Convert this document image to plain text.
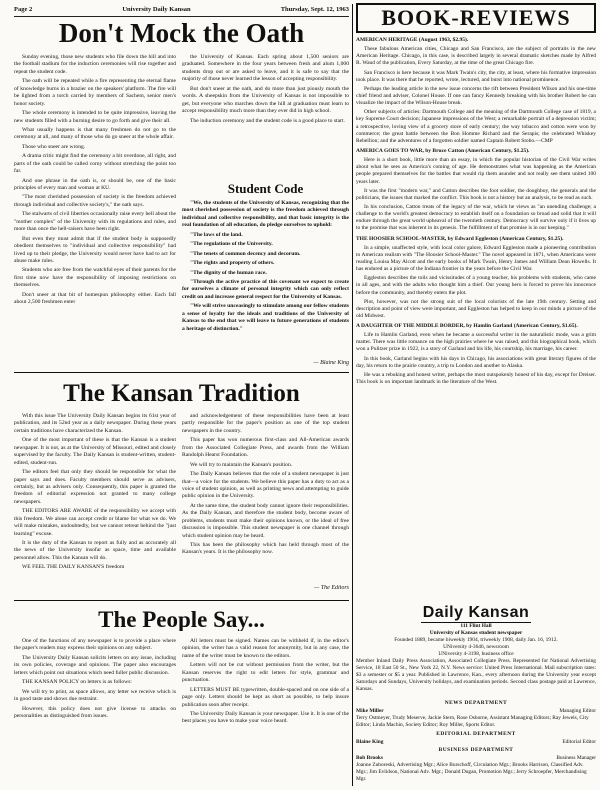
Page 2	University Daily Kansan	Thursday, Sept. 12, 1963
Don't Mock the Oath

Sunday evening, those new students who file down the hill and into the football stadium for the induction ceremonies will rise together and repeat the student code.

The oath will be repeated while a fire representing the eternal flame of knowledge burns in a brazier on the speakers' platform. The fire will be lighted from a torch carried by members of Sachem, senior men's honor society.

The whole ceremony is intended to be quite impressive, leaving the new students filled with a burning desire to go forth and give their all.

What usually happens is that many freshmen do not go to the ceremony at all, and many of those who do go sneer at the whole affair.

Those who sneer are wrong.

A drama critic might find the ceremony a bit overdone, all right, and parts of the oath could be called corny without stretching the point too far.

And one phrase in the oath is, or should be, one of the basic principles of every man and woman at KU.

"The most cherished possession of society is the freedom achieved through individual and collective society's," the oath says.

The stalwarts of civil liberties occasionally raise every hell about the "mother complex" of the University with its regulations and rules, and more than once the hell-raisers have been right.

But even they must admit that if the student body is supposedly obedient themselves to "individual and collective responsibility" had lived up to their pledge, the University would never have had to act for abuse make rules.

Students who are free from the watchful eyes of their parents for the first time now have the responsibility of imposing restrictions on themselves.

Don't sneer at that bit of homespun philosophy either. Each fall about 2,500 freshmen enter

the University of Kansas. Each spring about 1,500 seniors are graduated. Somewhere in the four years between fresh and alum 1,000 students drop out or are asked to leave, and it is safe to say that the majority of those never learned the lesson of accepting responsibility.

But don't sneer at the oath, and do more than just piously mouth the words. A sheepskin from the University of Kansas is not impossible to get, but everyone who marches down the hill at graduation must learn to accept responsibility much more than they ever did in high school.

The induction ceremony and the student code is a good place to start.

Student Code

"We, the students of the University of Kansas, recognizing that the most cherished possession of society is the freedom achieved through individual and collective responsibility, and that basic integrity is the real foundation of all education, do pledge ourselves to uphold:

"The laws of the land.

"The regulations of the University.

"The tenets of common decency and decorum.

"The rights and property of others.

"The dignity of the human race.

"Through the active practice of this covenant we expect to create for ourselves a climate of personal integrity which can only reflect credit on and increase general respect for the University of Kansas.

"We will strive unceasingly to stimulate among our fellow students a sense of loyalty for the ideals and traditions of the University of Kansas to the end that we will leave to future generations of students a heritage of distinction."

— Blaine King
The Kansan Tradition

With this issue The University Daily Kansan begins its 61st year of publication, and its 52nd year as a daily newspaper. During these years certain traditions have characterized the Kansan.

One of the most important of these is that the Kansan is a student newspaper. It is not, as at the University of Missouri, edited and closely supervised by the faculty. The Daily Kansan is student-written, student-edited, student-run.

The editors feel that only they should be responsible for what the paper says and does. Faculty members should serve as advisers, certainly, but as advisers only. Consequently, this paper is granted the freedom of editorial expression not granted to many college newspapers.

THE EDITORS ARE AWARE of the responsibility we accept with this freedom. We alone can accept credit or blame for what we do. We will make mistakes, undoubtedly, but we cannot retreat behind the "just learning" excuse.

It is the duty of the Kansan to report as fully and as accurately all the news of the University insofar as space, time and available personnel allow. This the Kansan will do.

WE FEEL THE DAILY KANSAN'S freedom

and acknowledgement of these responsibilities have been at least partly responsible for the paper's position as one of the top student newspapers in the country.

This paper has won numerous first-class and All-American awards from the Associated Collegiate Press, and awards from the William Randolph Hearst Foundation.

We will try to maintain the Kansan's position.

The Daily Kansan believes that the role of a student newspaper is just that—a voice for the students. We believe this paper has a duty to act as a voice of student opinion, as well as printing news and attempting to guide public opinion in the University.

At the same time, the student body cannot ignore their responsibilities. As the Daily Kansan, and therefore the student body, become aware of problems, students must make their opinions known, or the ideal of free discussion is impossible. This student newspaper is one channel through which student opinion may be heard.

This has been the philosophy which has held through most of the Kansan's years. It is the philosophy now.

— The Editors
The People Say...

One of the functions of any newspaper is to provide a place where the paper's readers may express their opinions on any subject.

The University Daily Kansan solicits letters on any issue, including its own policies, coverage and opinions. The paper also encourages letters which point out situations which need fuller public discussion.

THE KANSAN POLICY on letters is as follows:

We will try to print, as space allows, any letter we receive which is in good taste and shows due restraint.

However, this policy does not give license to attacks on personalities as distinguished from issues.

All letters must be signed. Names can be withheld if, in the editor's opinion, the writer has a valid reason for anonymity, but in any case, the name of the writer must be known to the editors.

Letters will not be cut without permission from the writer, but the Kansan reserves the right to edit letters for style, grammar and punctuation.

LETTERS MUST BE typewritten, double-spaced and on one side of a page only. Letters should be kept as short as possible, to help insure publication soon after receipt.

The University Daily Kansan is your newspaper. Use it. It is one of the best places you have to make your voice heard.

BOOK-REVIEWS

AMERICAN HERITAGE (August 1963, $2.95).

These fabulous American cities, Chicago and San Francisco, are the subject of portraits in the new American Heritage. Chicago, in this case, is described largely in several dramatic sketches made by Alfred R. Waud of the publication, Every Saturday, at the time of the great Chicago fire.

San Francisco is here because it was Mark Twain's city, the city, at least, where his formative impression took place. It was there that he reported, wrote, lectured, and burst into national prominence.

Perhaps the leading article in the new issue concerns the rift between President Wilson and his one-time chief friend and adviser, Colonel House. If one can fancy Kennedy breaking with his brother Robert he can visualize the impact of the Wilson-House break.

Other subjects of articles: Dartmouth College and the meaning of the Dartmouth College case of 1819, a key Supreme Court decision; Japanese impressions of the West; a remarkable portrait of a depression victim; a retrospective, loving view of a grocery store of early century; the way tobacco and cotton were won by commerce; the great battle between the Bon Homme Richard and the Serapis; the celebrated Whiskey Rebellion; and the adventures of a forgotten soldier named Captain Robert Stobo.—CMP

AMERICA GOES TO WAR, by Bruce Catton (American Century, $1.25).

Here is a short book, little more than an essay, in which the popular historian of the Civil War writes about what he sees as America's coming of age. He demonstrates what was happening as the American people prepared themselves for the battles that would rip them asunder and not really see them united 100 years later.

It was the first "modern war," and Catton describes the foot soldier, the doughboy, the generals and the politicians, the issues that marked the conflict. This book is not a history but an analysis, to be read as such.

In his conclusion, Catton treats of the legacy of the war, which he views as "an unending challenge; a challenge to the world's greatest democracy to establish itself on a foundation so broad and solid that it will endure through the great world upheaval of the twentieth century. Democracy will survive only if it lives up to the promise that was inherent in its genesis. The fulfillment of that promise is in our keeping."

THE HOOSIER SCHOOL-MASTER, by Edward Eggleston (American Century, $1.25).

In a simple, unaffected style, with local color galore, Edward Eggleston made a pioneering contribution to American realism with "The Hoosier School-Master." The novel appeared in 1871, when Americans were reading Louisa May Alcott and the early books of Mark Twain, Henry James and William Dean Howells. It has endured as a picture of the Indiana frontier in the years before the Civil War.

Eggleston describes the toils and vicissitudes of a young teacher, his problems with students, who came in all ages, and with the adults who thought him a thief. Our young hero is forced to prove his innocence before the community, and thereby enters the plot.

Plot, however, was not the strong suit of the local colorists of the late 19th century. Setting and description and point of view were important, and Eggleston has helped to keep in our minds a picture of the old Midwest.

A DAUGHTER OF THE MIDDLE BORDER, by Hamlin Garland (American Century, $1.65).

Life to Hamlin Garland, even when he became a successful writer in the naturalistic mode, was a grim matter. There was little romance on the high prairies where he was raised, and this biographical book, which won a Pulitzer prize in 1922, is a story of Garland and his life, his courtship, his marriage, his career.

In this book, Garland begins with his days in Chicago, his associations with great literary figures of the day, his return to the prairie country, a trip to London and another to Alaska.

He was a rebuking and honest writer, perhaps the most outspokenly honest of his day, except for Dreiser. This book is on important landmark in the literature of the West.

Daily Kansan
111 Flint Hall
University of Kansas student newspaper
Founded 1889, became biweekly 1904, triweekly 1908, daily Jan. 16, 1912.
UNiversity 4-3646, newsroom
UNiversity 4-3198, business office
Member Inland Daily Press Association, Associated Collegiate Press. Represented for National Advertising Service, 18 East 50 St., New York 22, N.Y. News service: United Press International. Mail subscription rates: $3 a semester or $5 a year. Published in Lawrence, Kan., every afternoon during the University year except Saturdays and Sundays, University holidays, and examination periods. Second class postage paid at Lawrence, Kansas.
NEWS DEPARTMENT
Mike Miller	Managing Editor
Terry Ostmeyer, Trudy Meserve, Jackie Stern, Rose Osborne, Assistant Managing Editors; Ray Jewels, City Editor; Linda Machin, Society Editor; Roy Miller, Sports Editor.
EDITORIAL DEPARTMENT
Blaine King	Editorial Editor
BUSINESS DEPARTMENT
Bob Brooks	Business Manager
Joanne Zuboreski, Advertising Mgr.; Alice Burschoff, Circulation Mgr.; Brooks Harrison, Classified Adv. Mgr.; Jim Evlidson, National Adv. Mgr.; Donald Dugan, Promotion Mgr.; Jerry Schroepfer, Merchandising Mgr.
